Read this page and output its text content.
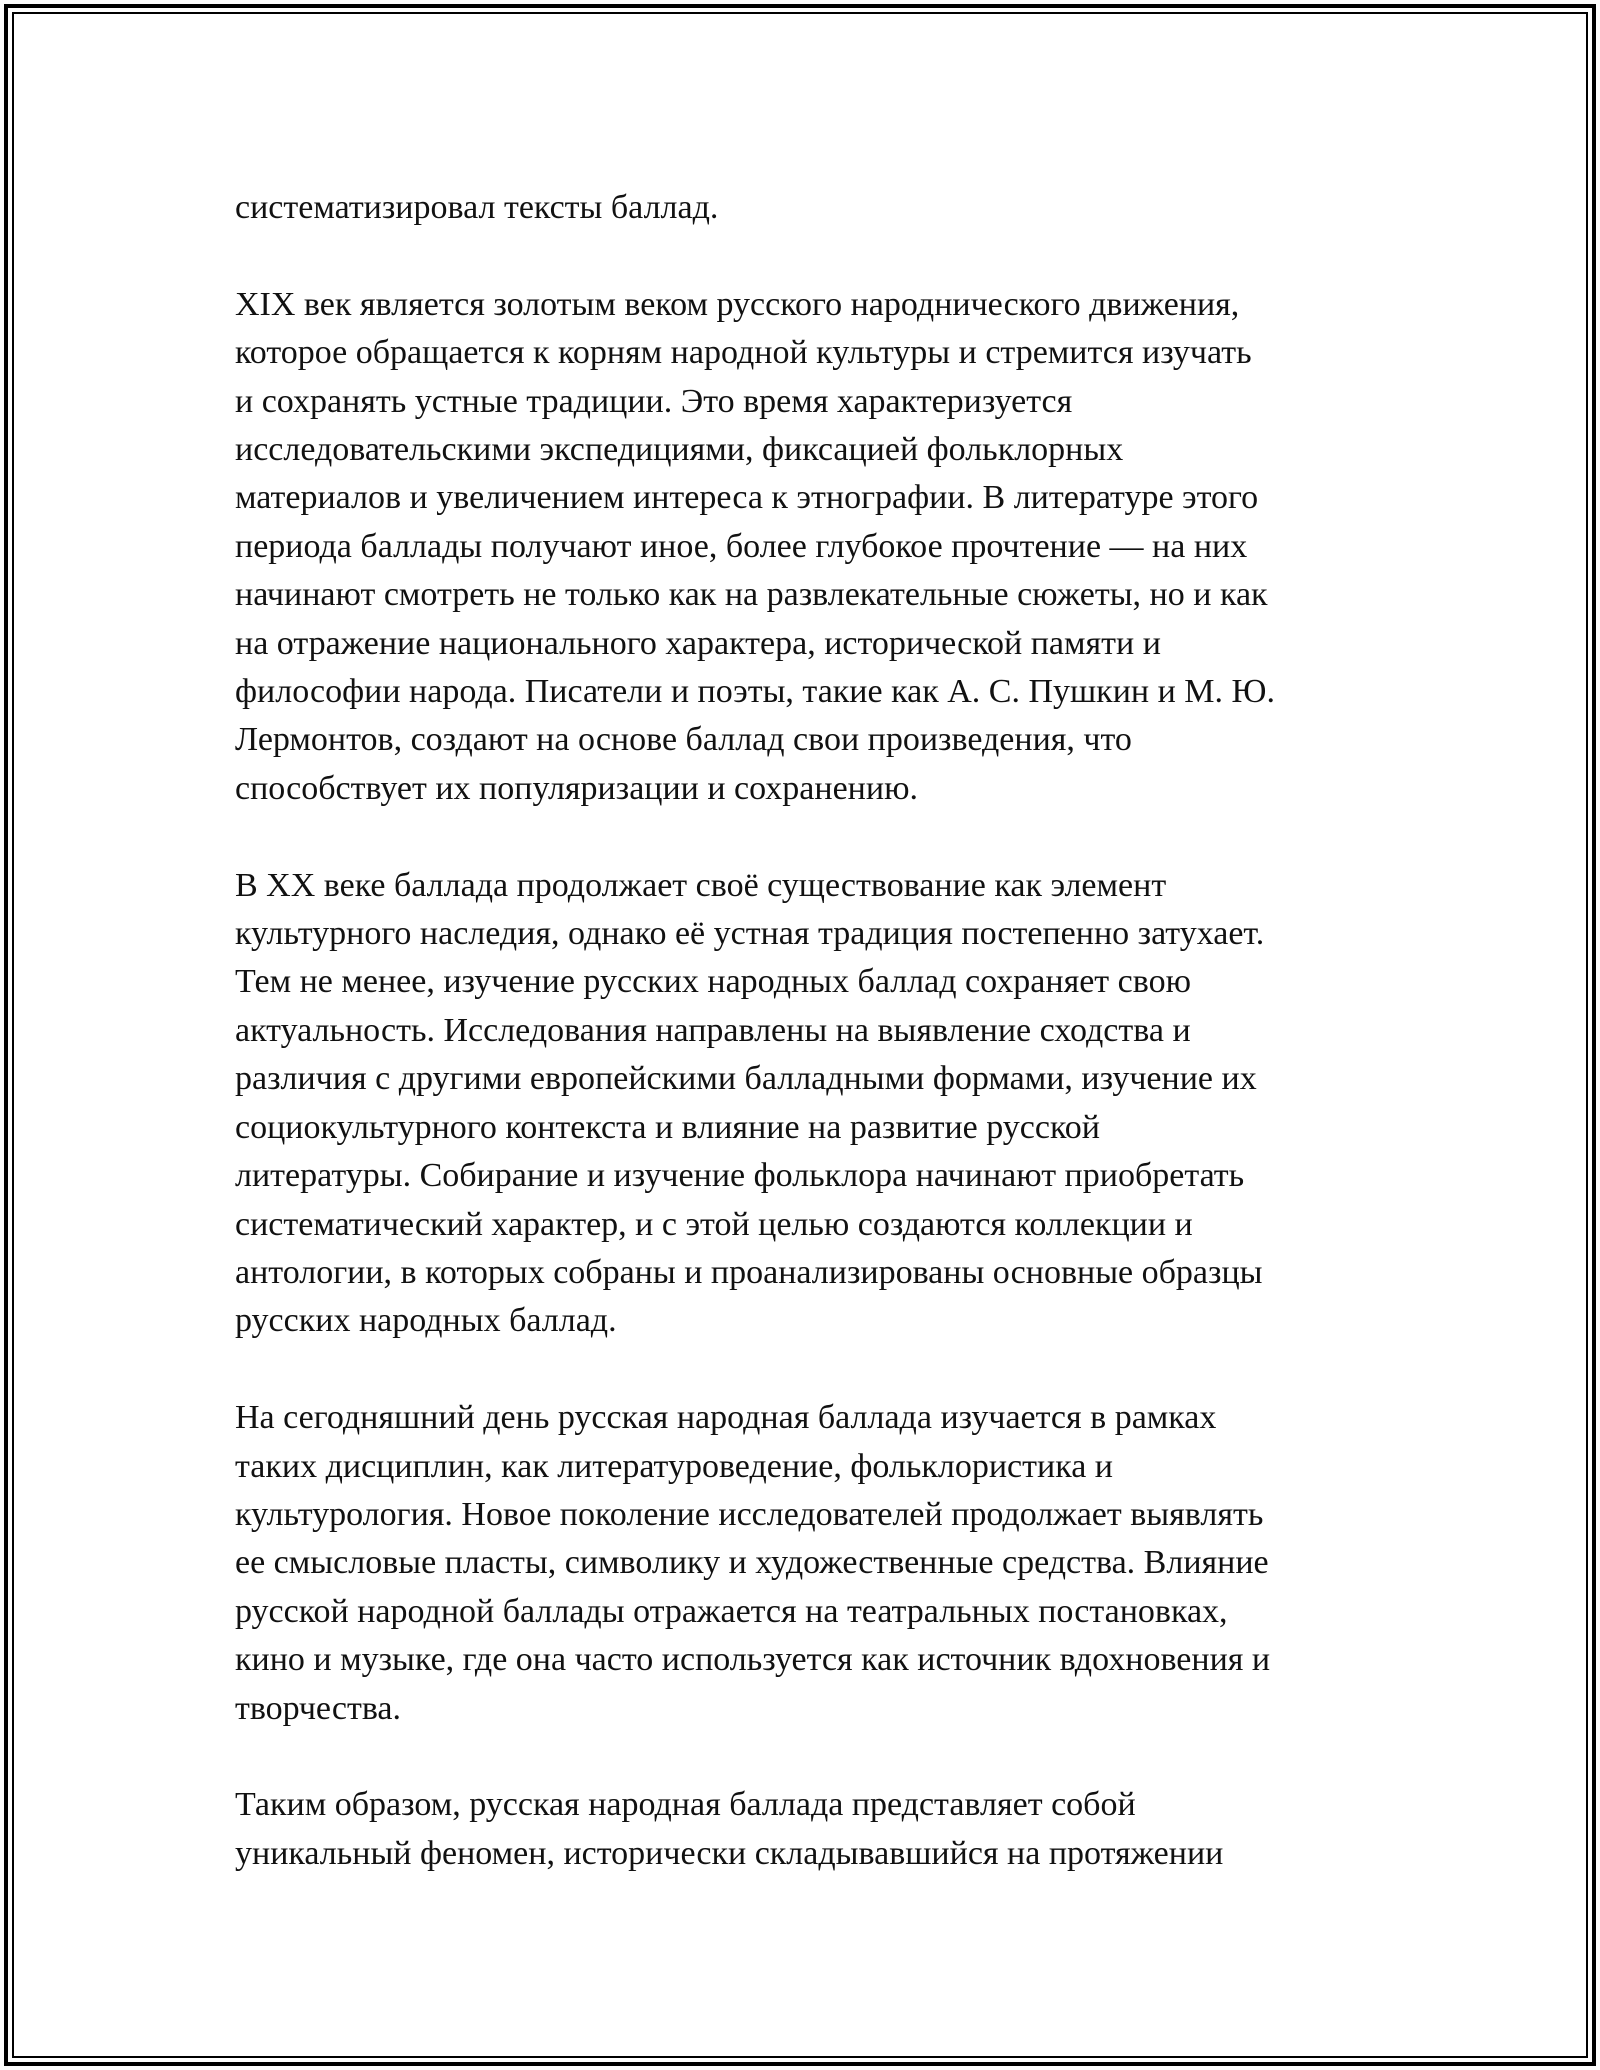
систематизировал тексты баллад.

XIX век является золотым веком русского народнического движения,
которое обращается к корням народной культуры и стремится изучать
и сохранять устные традиции. Это время характеризуется
исследовательскими экспедициями, фиксацией фольклорных
материалов и увеличением интереса к этнографии. В литературе этого
периода баллады получают иное, более глубокое прочтение — на них
начинают смотреть не только как на развлекательные сюжеты, но и как
на отражение национального характера, исторической памяти и
философии народа. Писатели и поэты, такие как А. С. Пушкин и М. Ю.
Лермонтов, создают на основе баллад свои произведения, что
способствует их популяризации и сохранению.

В XX веке баллада продолжает своё существование как элемент
культурного наследия, однако её устная традиция постепенно затухает.
Тем не менее, изучение русских народных баллад сохраняет свою
актуальность. Исследования направлены на выявление сходства и
различия с другими европейскими балладными формами, изучение их
социокультурного контекста и влияние на развитие русской
литературы. Собирание и изучение фольклора начинают приобретать
систематический характер, и с этой целью создаются коллекции и
антологии, в которых собраны и проанализированы основные образцы
русских народных баллад.

На сегодняшний день русская народная баллада изучается в рамках
таких дисциплин, как литературоведение, фольклористика и
культурология. Новое поколение исследователей продолжает выявлять
ее смысловые пласты, символику и художественные средства. Влияние
русской народной баллады отражается на театральных постановках,
кино и музыке, где она часто используется как источник вдохновения и
творчества.

Таким образом, русская народная баллада представляет собой
уникальный феномен, исторически складывавшийся на протяжении
